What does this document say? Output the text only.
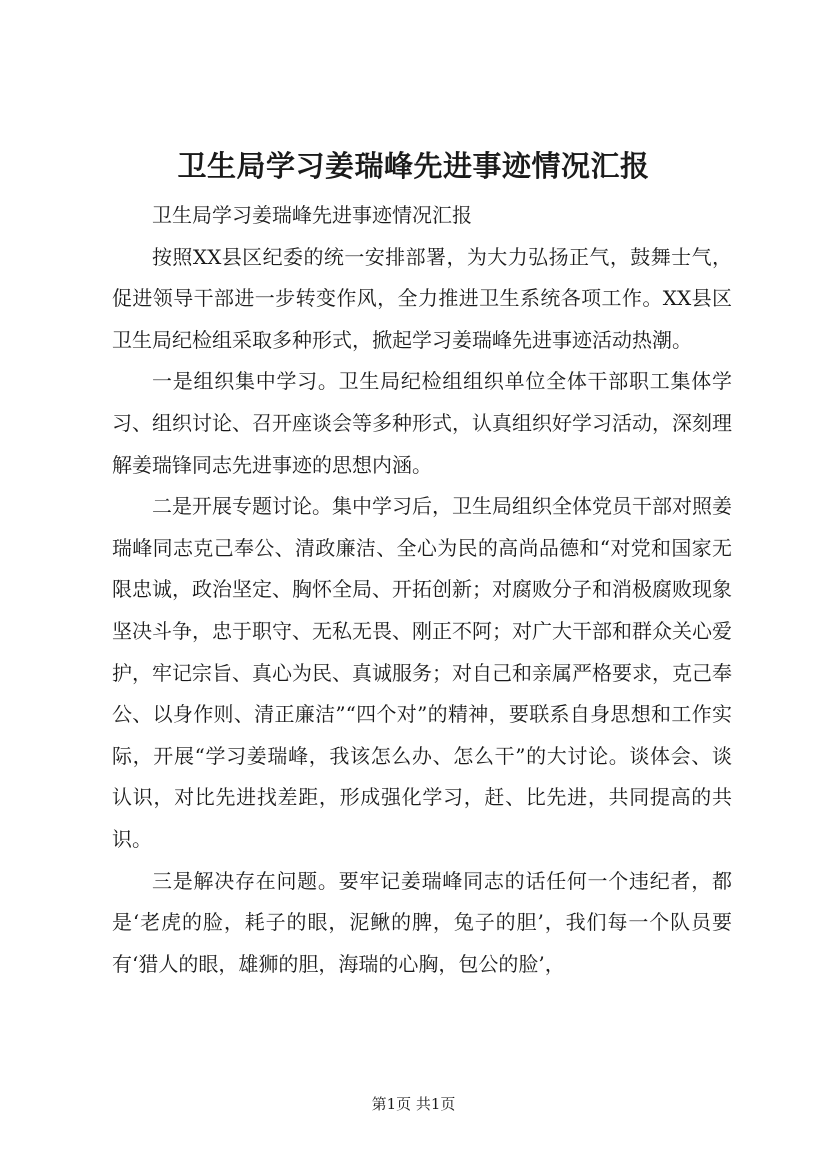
卫生局学习姜瑞峰先进事迹情况汇报

卫生局学习姜瑞峰先进事迹情况汇报

按照XX县区纪委的统一安排部署，为大力弘扬正气，鼓舞士气，促进领导干部进一步转变作风，全力推进卫生系统各项工作。XX县区卫生局纪检组采取多种形式，掀起学习姜瑞峰先进事迹活动热潮。

一是组织集中学习。卫生局纪检组组织单位全体干部职工集体学习、组织讨论、召开座谈会等多种形式，认真组织好学习活动，深刻理解姜瑞锋同志先进事迹的思想内涵。

二是开展专题讨论。集中学习后，卫生局组织全体党员干部对照姜瑞峰同志克己奉公、清政廉洁、全心为民的高尚品德和“对党和国家无限忠诚，政治坚定、胸怀全局、开拓创新；对腐败分子和消极腐败现象坚决斗争，忠于职守、无私无畏、刚正不阿；对广大干部和群众关心爱护，牢记宗旨、真心为民、真诚服务；对自己和亲属严格要求，克己奉公、以身作则、清正廉洁”“四个对”的精神，要联系自身思想和工作实际，开展“学习姜瑞峰，我该怎么办、怎么干”的大讨论。谈体会、谈认识，对比先进找差距，形成强化学习，赶、比先进，共同提高的共识。

三是解决存在问题。要牢记姜瑞峰同志的话任何一个违纪者，都是‘老虎的脸，耗子的眼，泥鳅的脾，兔子的胆’，我们每一个队员要有‘猎人的眼，雄狮的胆，海瑞的心胸，包公的脸’，

第1页 共1页
